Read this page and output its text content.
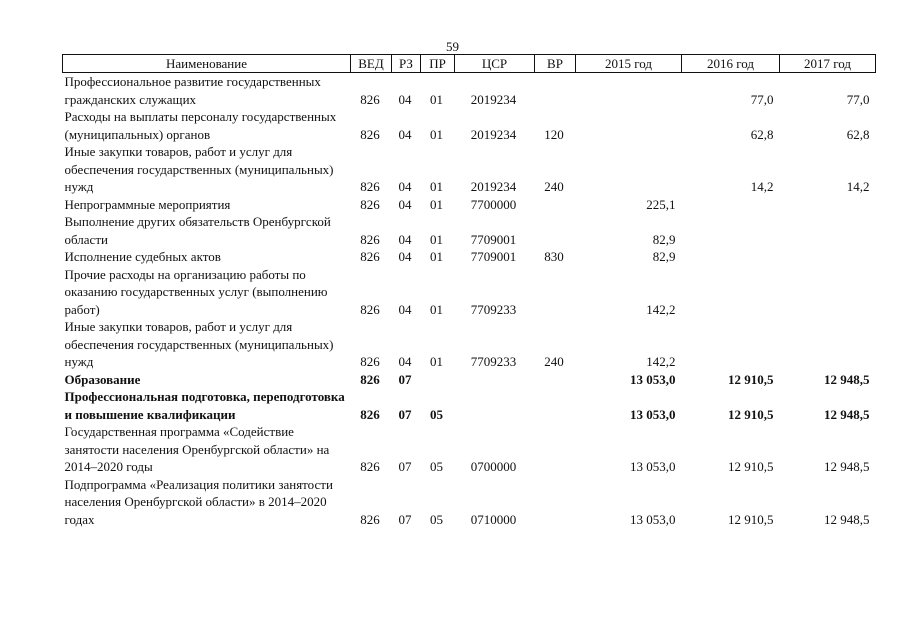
59
Наименование	ВЕД	РЗ	ПР	ЦСР	ВР	2015 год	2016 год	2017 год
Профессиональное развитие государственных гражданских служащих	826	04	01	2019234			77,0	77,0
Расходы на выплаты персоналу государственных (муниципальных) органов	826	04	01	2019234	120		62,8	62,8
Иные закупки товаров, работ и услуг для обеспечения государственных (муниципальных) нужд	826	04	01	2019234	240		14,2	14,2
Непрограммные мероприятия	826	04	01	7700000		225,1		
Выполнение других обязательств Оренбургской области	826	04	01	7709001		82,9		
Исполнение судебных актов	826	04	01	7709001	830	82,9		
Прочие расходы на организацию работы по оказанию государственных услуг (выполнению работ)	826	04	01	7709233		142,2		
Иные закупки товаров, работ и услуг для обеспечения государственных (муниципальных) нужд	826	04	01	7709233	240	142,2		
Образование	826	07				13 053,0	12 910,5	12 948,5
Профессиональная подготовка, переподготовка и повышение квалификации	826	07	05			13 053,0	12 910,5	12 948,5
Государственная программа «Содействие занятости населения Оренбургской области» на 2014–2020 годы	826	07	05	0700000		13 053,0	12 910,5	12 948,5
Подпрограмма «Реализация политики занятости населения Оренбургской области» в 2014–2020 годах	826	07	05	0710000		13 053,0	12 910,5	12 948,5
